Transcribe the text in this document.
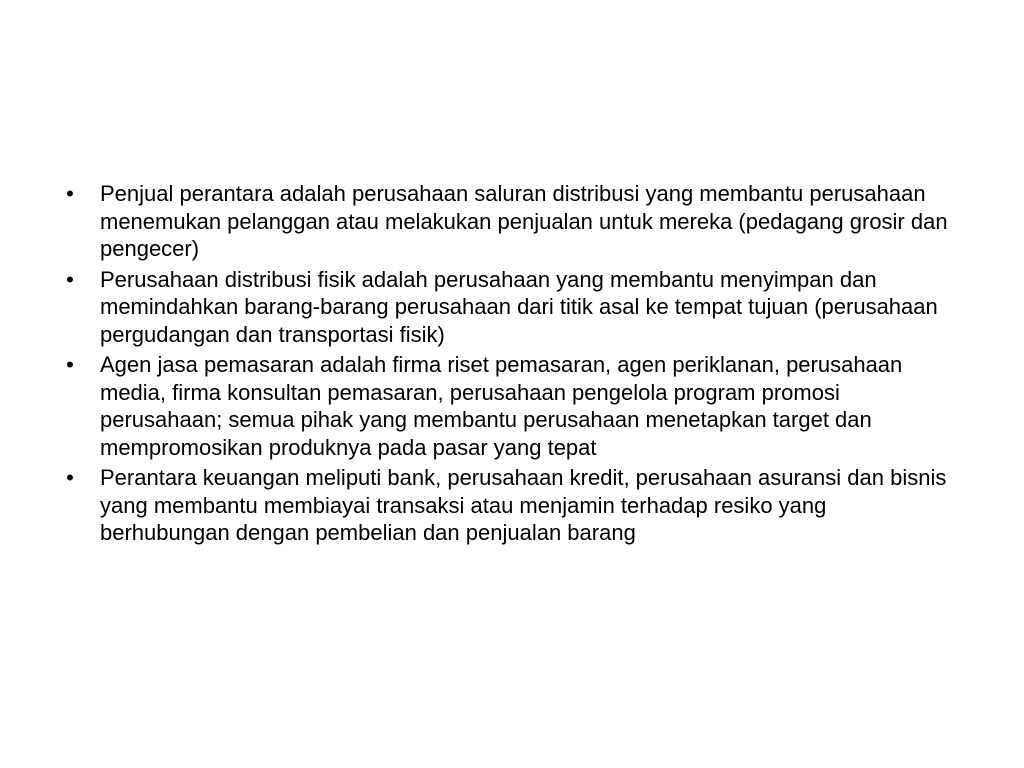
• Penjual perantara adalah perusahaan saluran distribusi yang membantu perusahaan menemukan pelanggan atau melakukan penjualan untuk mereka (pedagang grosir dan pengecer)
• Perusahaan distribusi fisik adalah perusahaan yang membantu menyimpan dan memindahkan barang-barang perusahaan dari titik asal ke tempat tujuan (perusahaan pergudangan dan transportasi fisik)
• Agen jasa pemasaran adalah firma riset pemasaran, agen periklanan, perusahaan media, firma konsultan pemasaran, perusahaan pengelola program promosi perusahaan; semua pihak yang membantu perusahaan menetapkan target dan mempromosikan produknya pada pasar yang tepat
• Perantara keuangan meliputi bank, perusahaan kredit, perusahaan asuransi dan bisnis yang membantu membiayai transaksi atau menjamin terhadap resiko yang berhubungan dengan pembelian dan penjualan barang
